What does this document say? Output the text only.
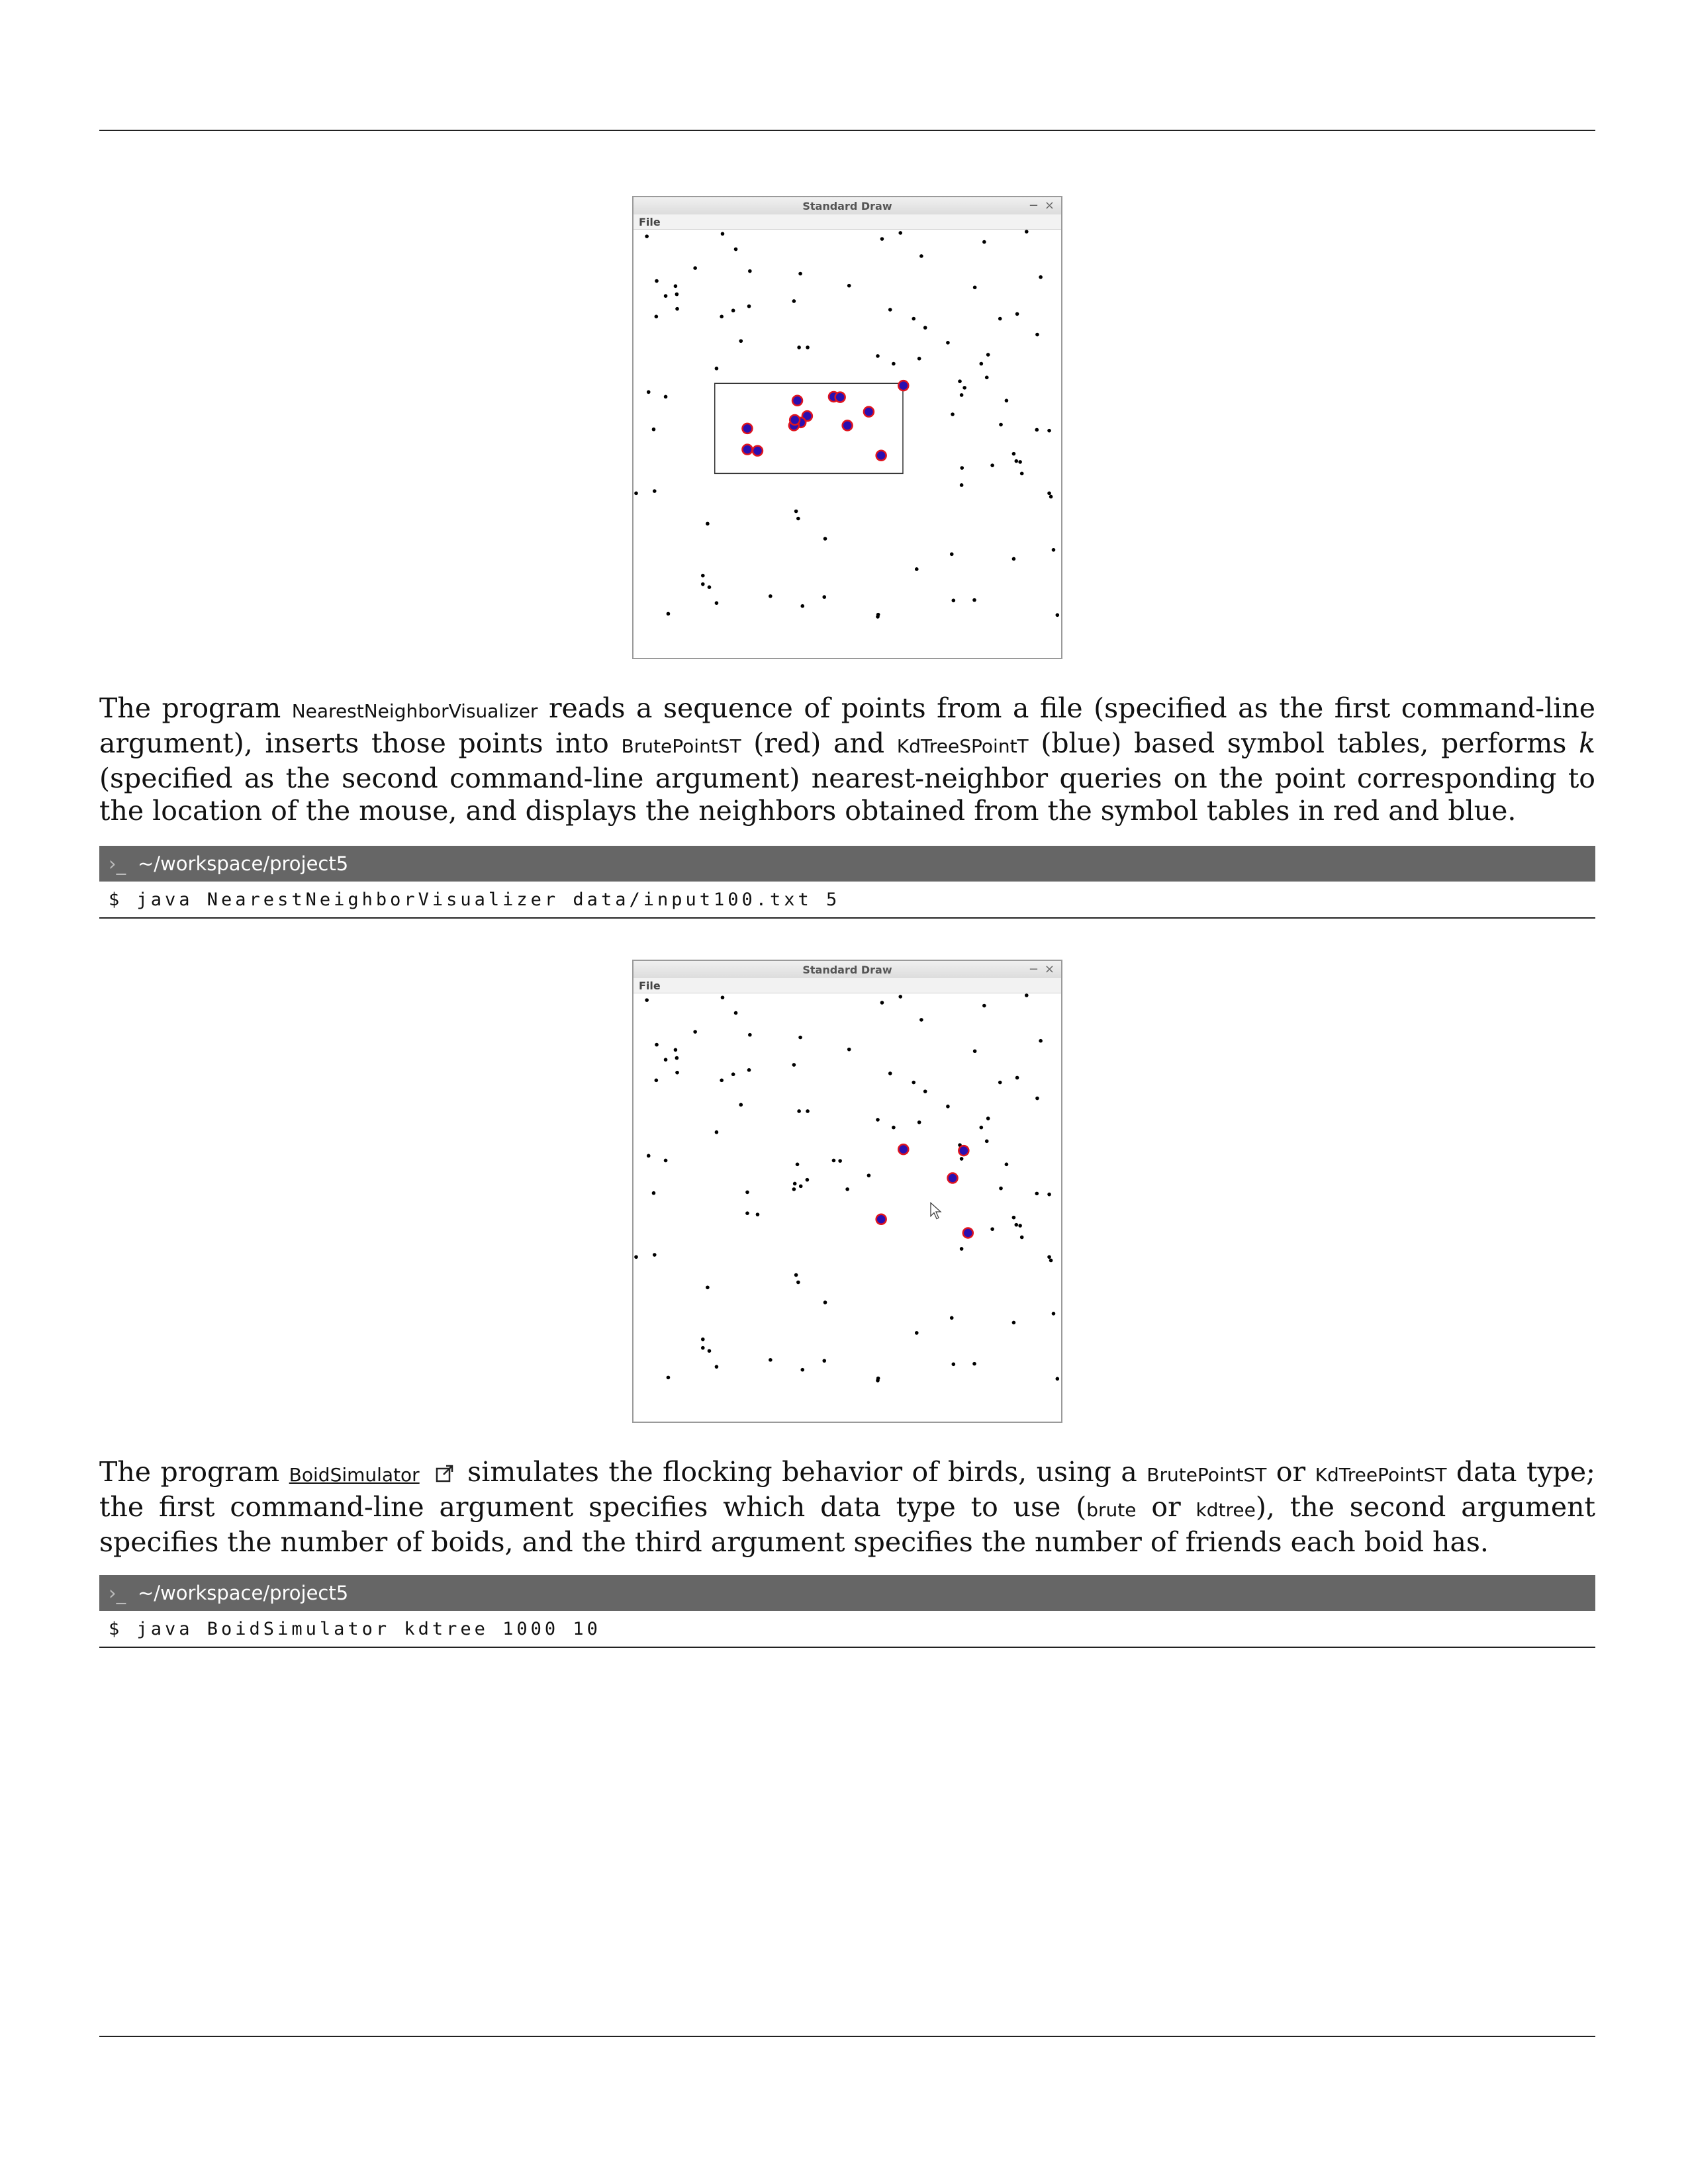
Standard Draw	− ×
File
The program NearestNeighborVisualizer reads a sequence of points from a file (specified as the first command-line argument), inserts those points into BrutePointST (red) and KdTreeSPointT (blue) based symbol tables, performs k (specified as the second command-line argument) nearest-neighbor queries on the point corresponding to the location of the mouse, and displays the neighbors obtained from the symbol tables in red and blue.
›_ ~/workspace/project5
$ java NearestNeighborVisualizer data/input100.txt 5
Standard Draw	− ×
File
The program BoidSimulator simulates the flocking behavior of birds, using a BrutePointST or KdTreePointST data type; the first command-line argument specifies which data type to use (brute or kdtree), the second argument specifies the number of boids, and the third argument specifies the number of friends each boid has.
›_ ~/workspace/project5
$ java BoidSimulator kdtree 1000 10
